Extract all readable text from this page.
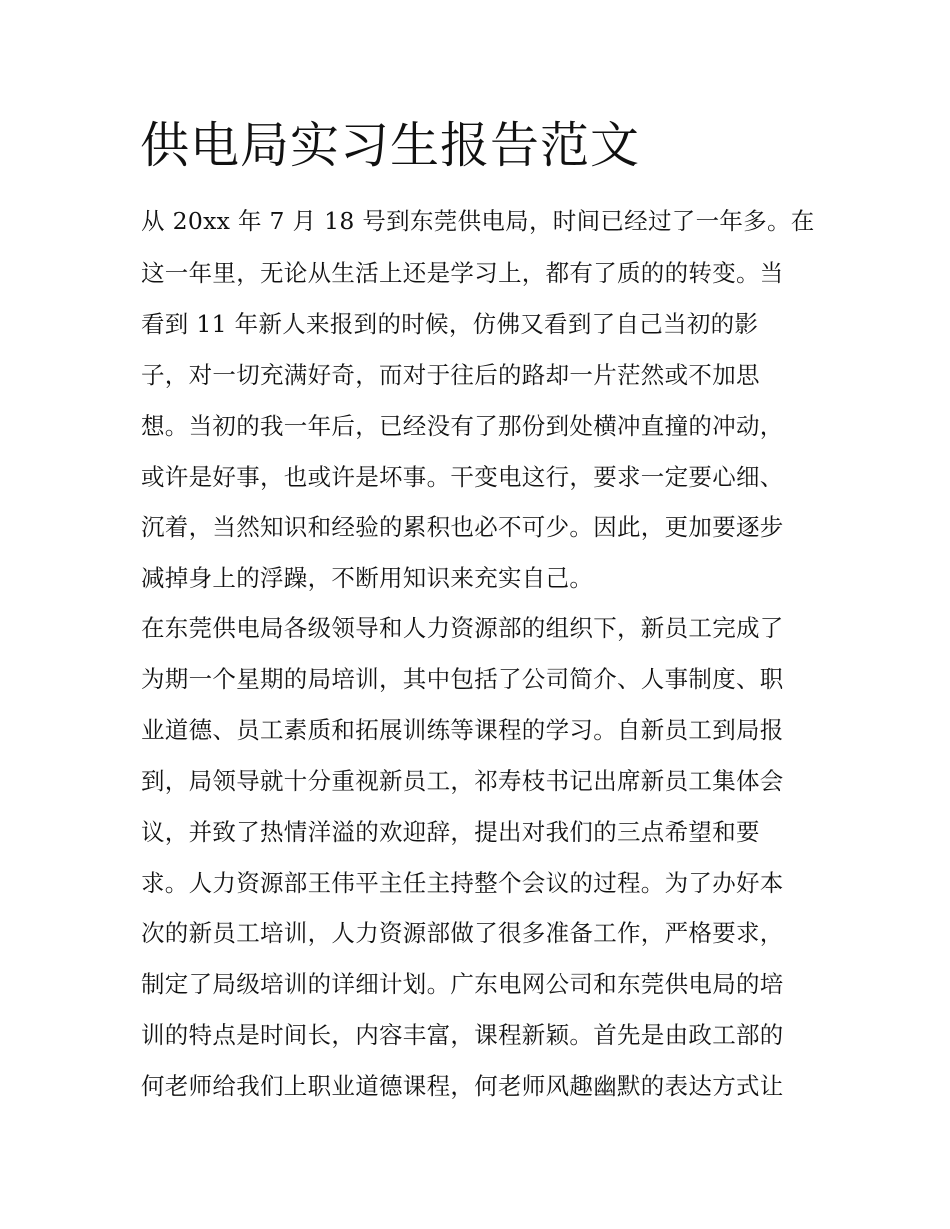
供电局实习生报告范文
从 20xx 年 7 月 18 号到东莞供电局，时间已经过了一年多。在
这一年里，无论从生活上还是学习上，都有了质的的转变。当
看到 11 年新人来报到的时候，仿佛又看到了自己当初的影
子，对一切充满好奇，而对于往后的路却一片茫然或不加思
想。当初的我一年后，已经没有了那份到处横冲直撞的冲动，
或许是好事，也或许是坏事。干变电这行，要求一定要心细、
沉着，当然知识和经验的累积也必不可少。因此，更加要逐步
减掉身上的浮躁，不断用知识来充实自己。
在东莞供电局各级领导和人力资源部的组织下，新员工完成了
为期一个星期的局培训，其中包括了公司简介、人事制度、职
业道德、员工素质和拓展训练等课程的学习。自新员工到局报
到，局领导就十分重视新员工，祁寿枝书记出席新员工集体会
议，并致了热情洋溢的欢迎辞，提出对我们的三点希望和要
求。人力资源部王伟平主任主持整个会议的过程。为了办好本
次的新员工培训，人力资源部做了很多准备工作，严格要求，
制定了局级培训的详细计划。广东电网公司和东莞供电局的培
训的特点是时间长，内容丰富，课程新颖。首先是由政工部的
何老师给我们上职业道德课程，何老师风趣幽默的表达方式让
